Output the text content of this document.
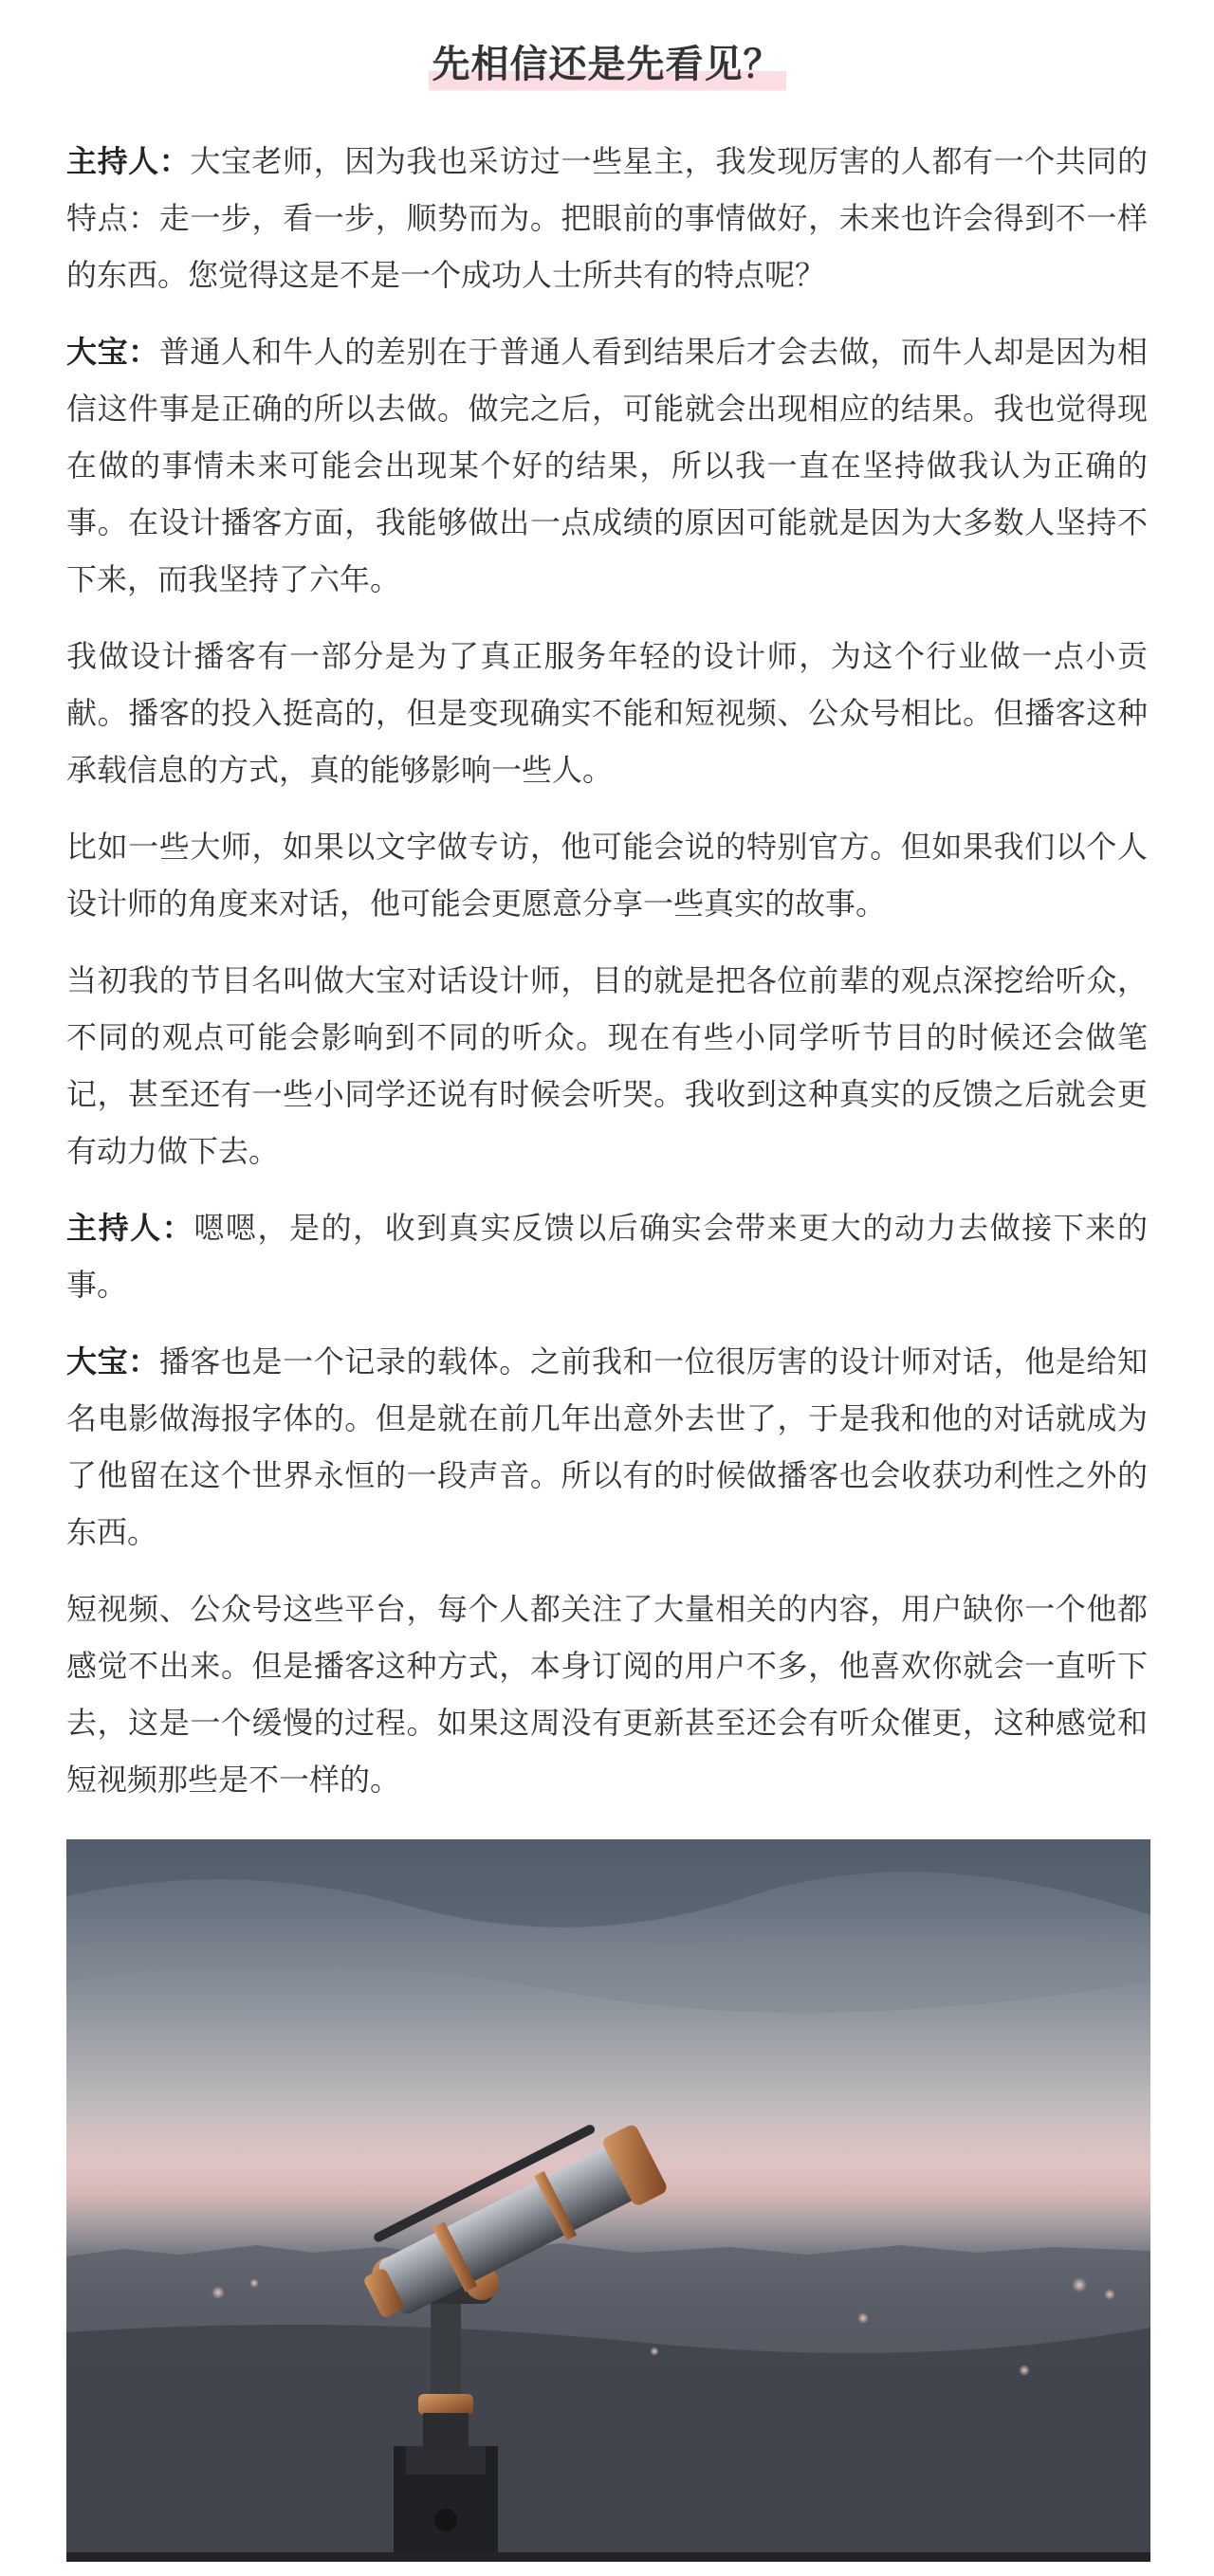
先相信还是先看见？

主持人：大宝老师，因为我也采访过一些星主，我发现厉害的人都有一个共同的特点：走一步，看一步，顺势而为。把眼前的事情做好，未来也许会得到不一样的东西。您觉得这是不是一个成功人士所共有的特点呢？

大宝：普通人和牛人的差别在于普通人看到结果后才会去做，而牛人却是因为相信这件事是正确的所以去做。做完之后，可能就会出现相应的结果。我也觉得现在做的事情未来可能会出现某个好的结果，所以我一直在坚持做我认为正确的事。在设计播客方面，我能够做出一点成绩的原因可能就是因为大多数人坚持不下来，而我坚持了六年。

我做设计播客有一部分是为了真正服务年轻的设计师，为这个行业做一点小贡献。播客的投入挺高的，但是变现确实不能和短视频、公众号相比。但播客这种承载信息的方式，真的能够影响一些人。

比如一些大师，如果以文字做专访，他可能会说的特别官方。但如果我们以个人设计师的角度来对话，他可能会更愿意分享一些真实的故事。

当初我的节目名叫做大宝对话设计师，目的就是把各位前辈的观点深挖给听众，不同的观点可能会影响到不同的听众。现在有些小同学听节目的时候还会做笔记，甚至还有一些小同学还说有时候会听哭。我收到这种真实的反馈之后就会更有动力做下去。

主持人：嗯嗯，是的，收到真实反馈以后确实会带来更大的动力去做接下来的事。

大宝：播客也是一个记录的载体。之前我和一位很厉害的设计师对话，他是给知名电影做海报字体的。但是就在前几年出意外去世了，于是我和他的对话就成为了他留在这个世界永恒的一段声音。所以有的时候做播客也会收获功利性之外的东西。

短视频、公众号这些平台，每个人都关注了大量相关的内容，用户缺你一个他都感觉不出来。但是播客这种方式，本身订阅的用户不多，他喜欢你就会一直听下去，这是一个缓慢的过程。如果这周没有更新甚至还会有听众催更，这种感觉和短视频那些是不一样的。
